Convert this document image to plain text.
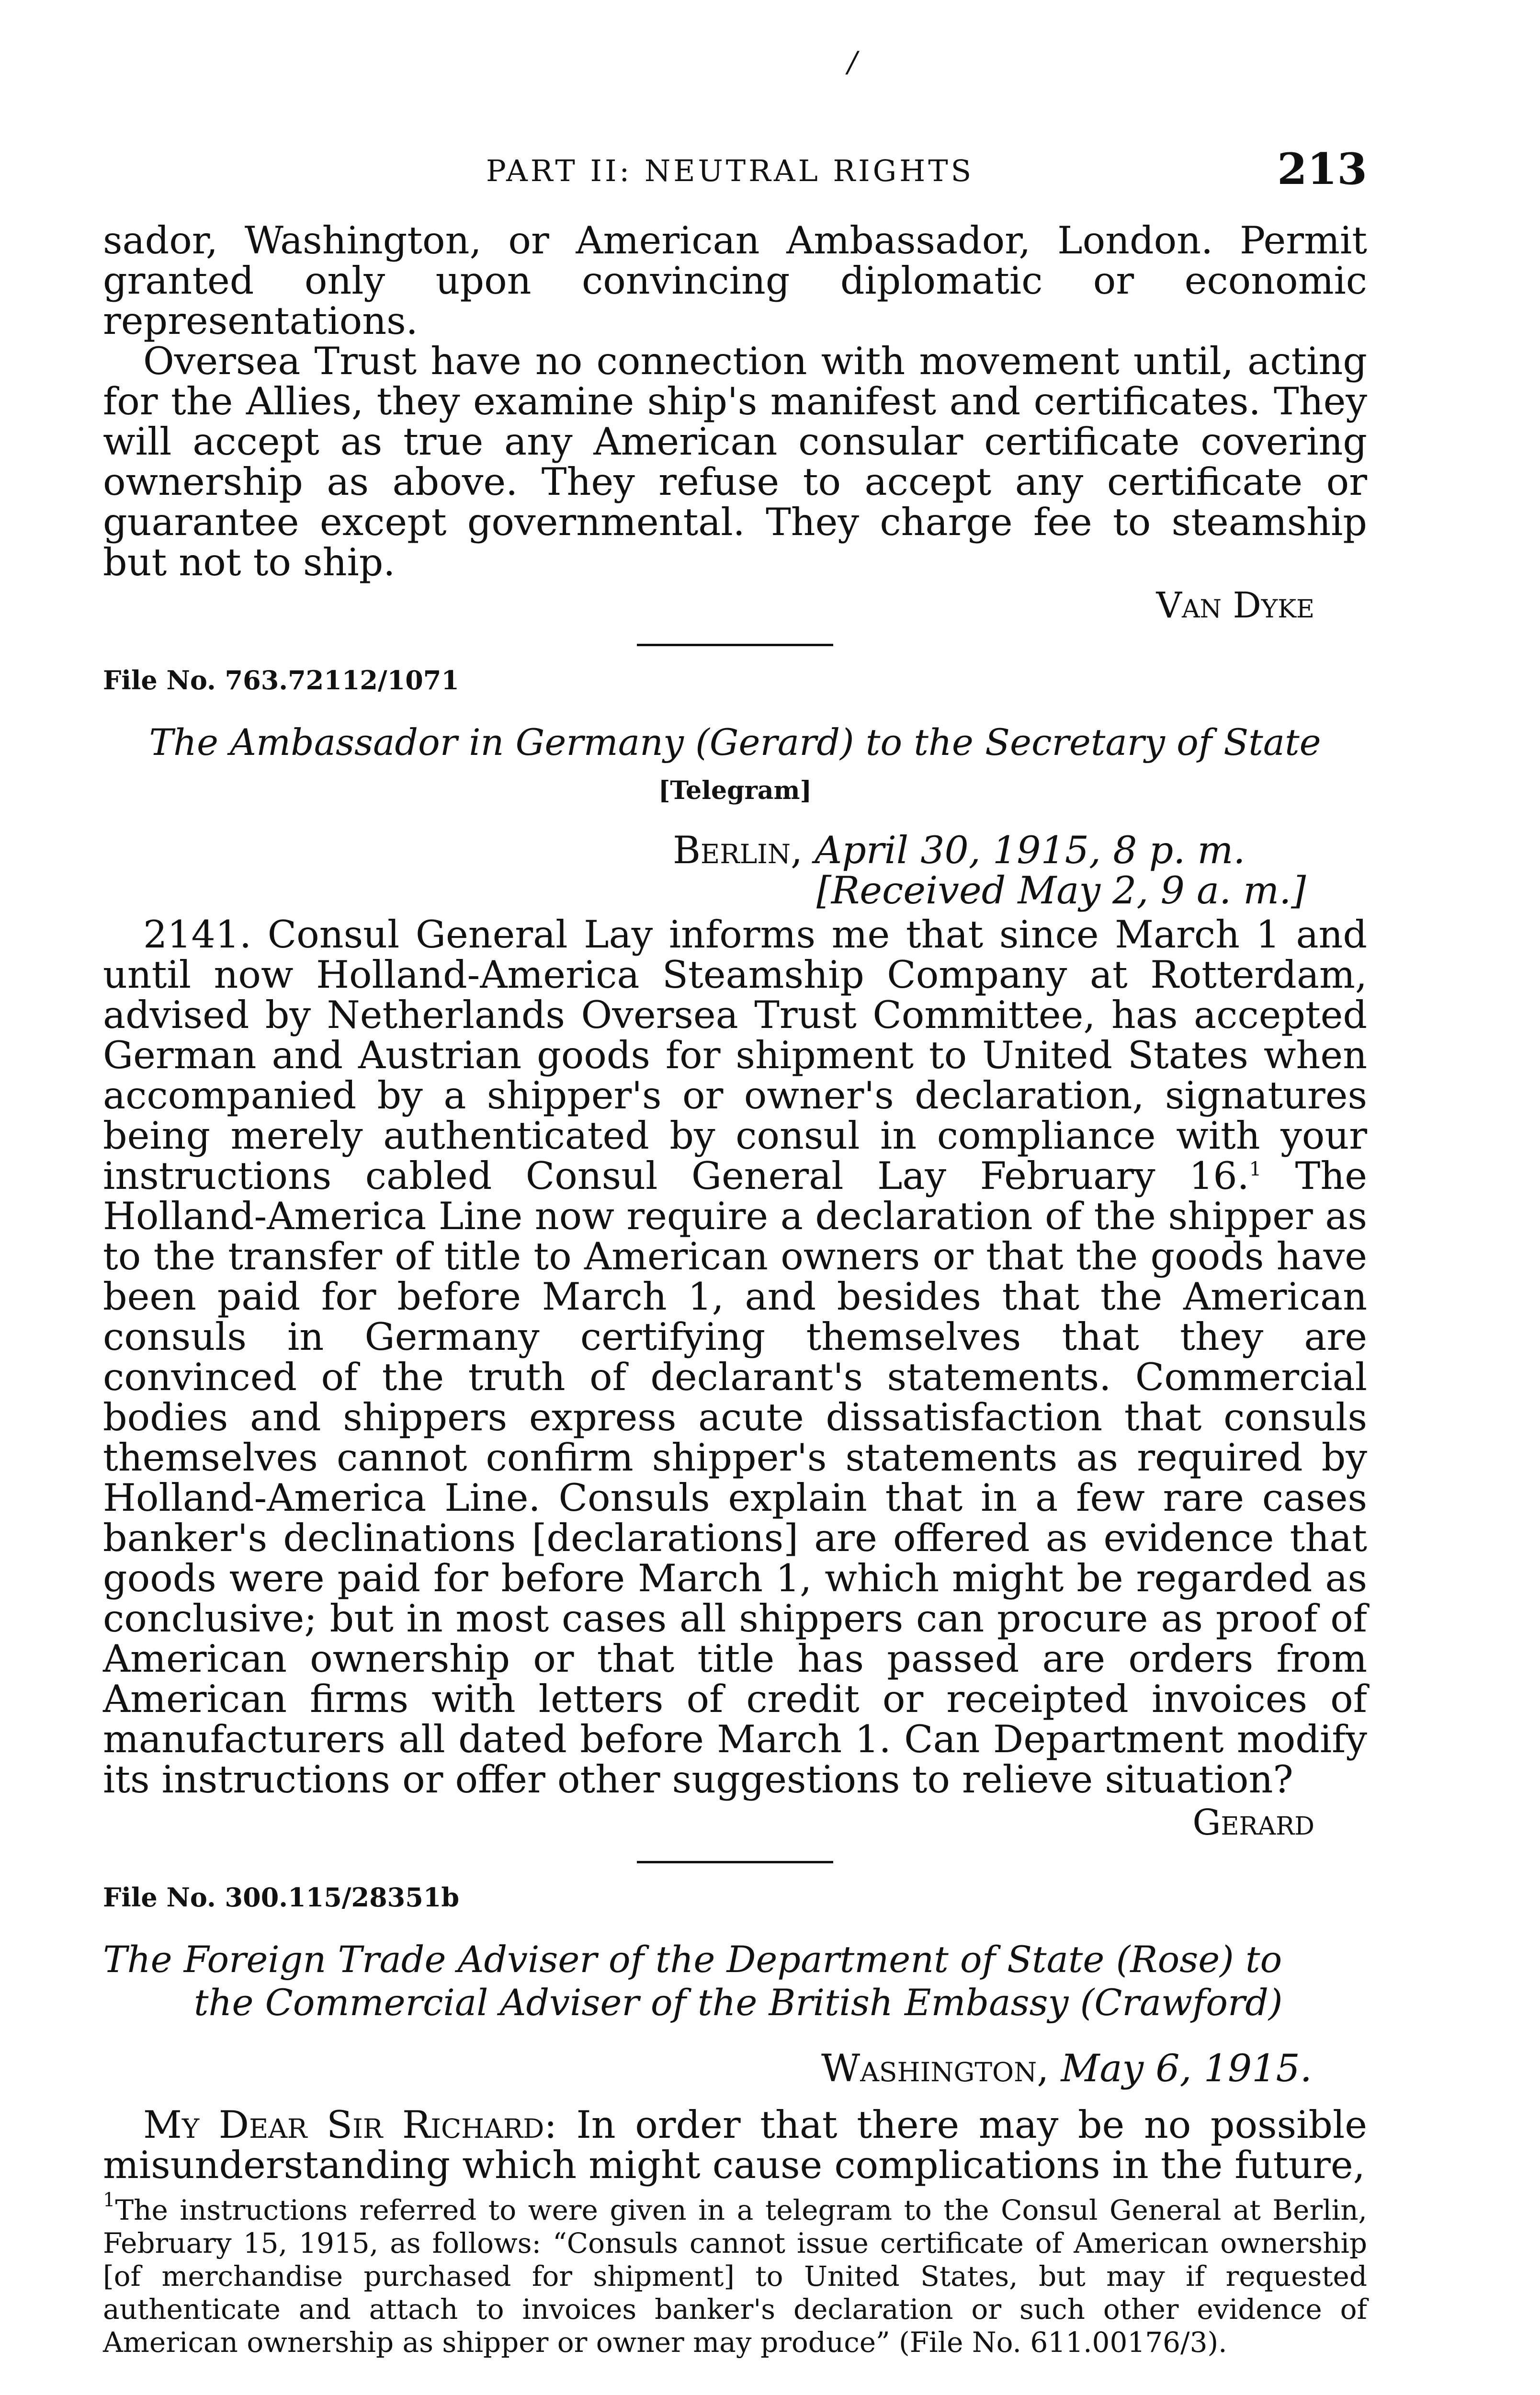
/
PART II: NEUTRAL RIGHTS	213

sador, Washington, or American Ambassador, London. Permit granted only upon convincing diplomatic or economic representations.

Oversea Trust have no connection with movement until, acting for the Allies, they examine ship's manifest and certificates. They will accept as true any American consular certificate covering ownership as above. They refuse to accept any certificate or guarantee except governmental. They charge fee to steamship but not to ship.

Van Dyke

File No. 763.72112/1071
The Ambassador in Germany (Gerard) to the Secretary of State
[Telegram]
Berlin, April 30, 1915, 8 p. m.
[Received May 2, 9 a. m.]

2141. Consul General Lay informs me that since March 1 and until now Holland-America Steamship Company at Rotterdam, advised by Netherlands Oversea Trust Committee, has accepted German and Austrian goods for shipment to United States when accompanied by a shipper's or owner's declaration, signatures being merely authenticated by consul in compliance with your instructions cabled Consul General Lay February 16.$^1$ The Holland-America Line now require a declaration of the shipper as to the transfer of title to American owners or that the goods have been paid for before March 1, and besides that the American consuls in Germany certifying themselves that they are convinced of the truth of declarant's statements. Commercial bodies and shippers express acute dissatisfaction that consuls themselves cannot confirm shipper's statements as required by Holland-America Line. Consuls explain that in a few rare cases banker's declinations [declarations] are offered as evidence that goods were paid for before March 1, which might be regarded as conclusive; but in most cases all shippers can procure as proof of American ownership or that title has passed are orders from American firms with letters of credit or receipted invoices of manufacturers all dated before March 1. Can Department modify its instructions or offer other suggestions to relieve situation?

Gerard

File No. 300.115/28351b
The Foreign Trade Adviser of the Department of State (Rose) to
the Commercial Adviser of the British Embassy (Crawford)
Washington, May 6, 1915.

My Dear Sir Richard: In order that there may be no possible misunderstanding which might cause complications in the future,

$^1$The instructions referred to were given in a telegram to the Consul General at Berlin, February 15, 1915, as follows: “Consuls cannot issue certificate of American ownership [of merchandise purchased for shipment] to United States, but may if requested authenticate and attach to invoices banker's declaration or such other evidence of American ownership as shipper or owner may produce” (File No. 611.00176/3).
